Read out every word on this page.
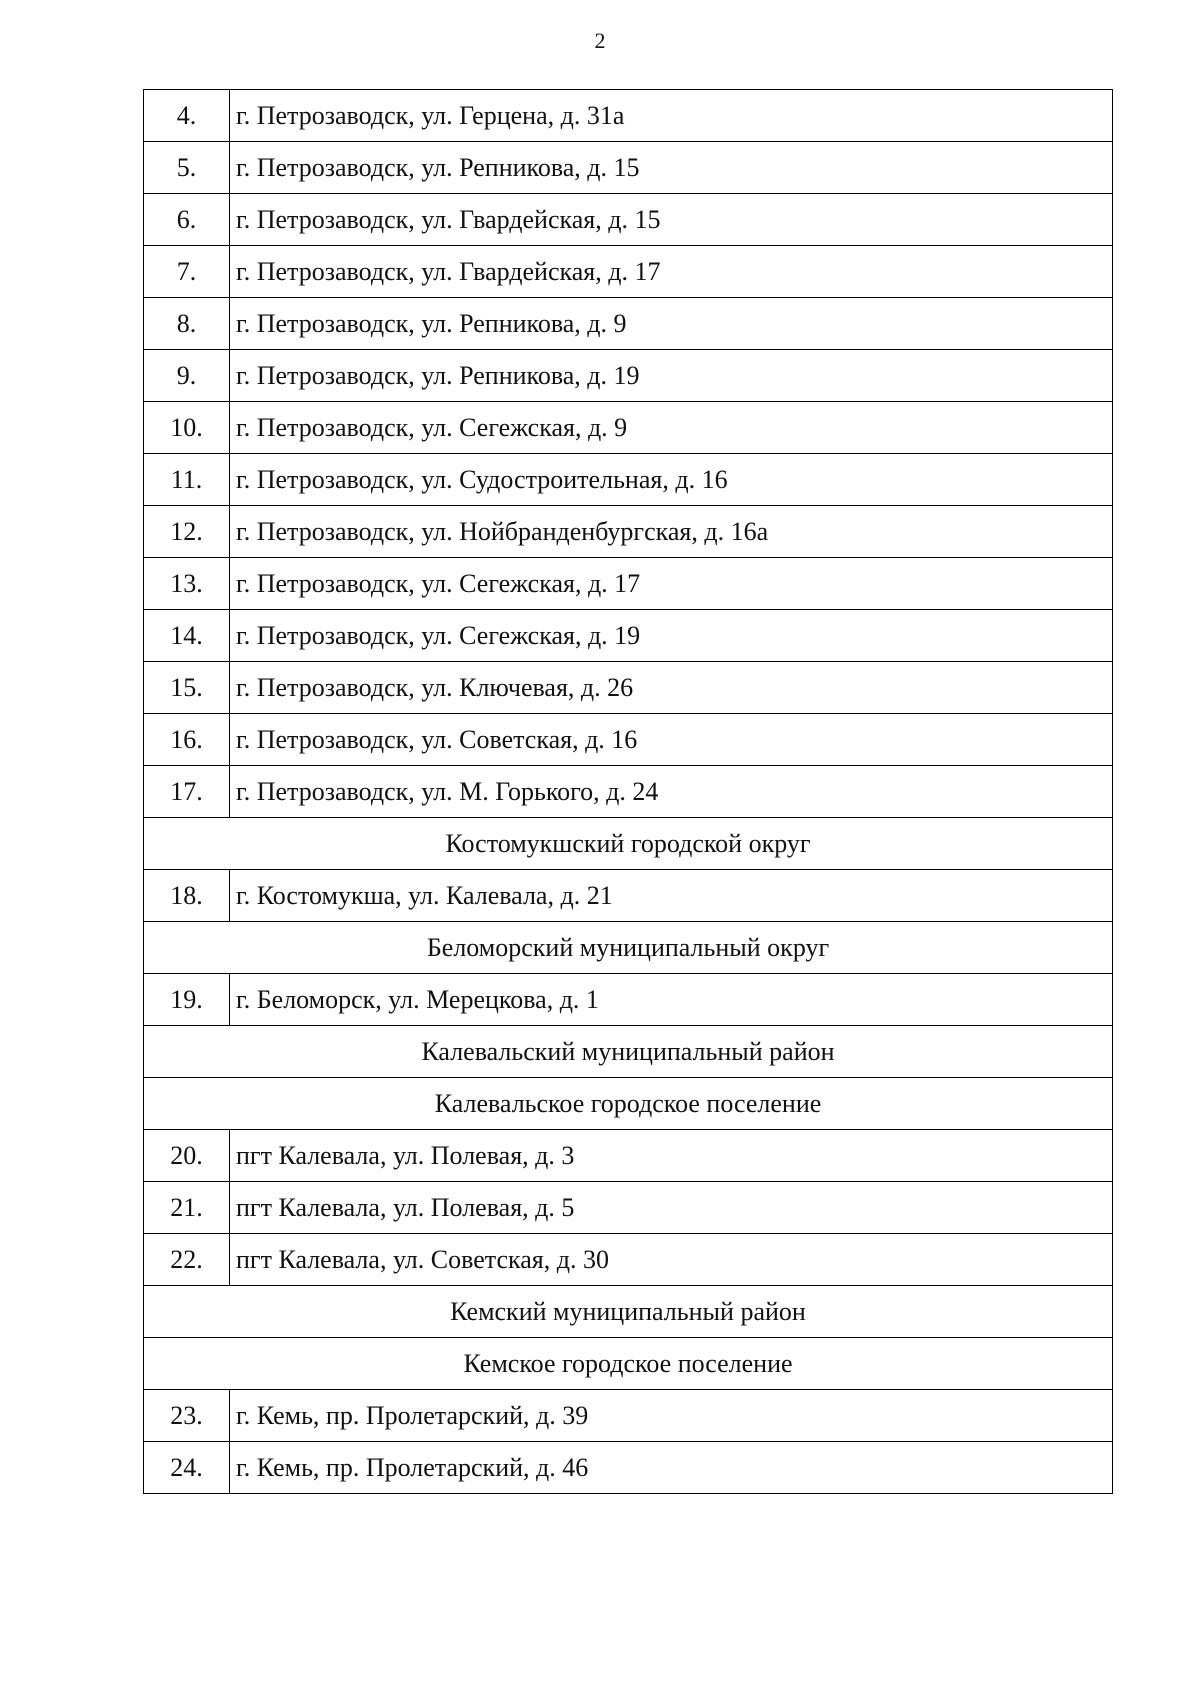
2
4.	г. Петрозаводск, ул. Герцена, д. 31а
5.	г. Петрозаводск, ул. Репникова, д. 15
6.	г. Петрозаводск, ул. Гвардейская, д. 15
7.	г. Петрозаводск, ул. Гвардейская, д. 17
8.	г. Петрозаводск, ул. Репникова, д. 9
9.	г. Петрозаводск, ул. Репникова, д. 19
10.	г. Петрозаводск, ул. Сегежская, д. 9
11.	г. Петрозаводск, ул. Судостроительная, д. 16
12.	г. Петрозаводск, ул. Нойбранденбургская, д. 16а
13.	г. Петрозаводск, ул. Сегежская, д. 17
14.	г. Петрозаводск, ул. Сегежская, д. 19
15.	г. Петрозаводск, ул. Ключевая, д. 26
16.	г. Петрозаводск, ул. Советская, д. 16
17.	г. Петрозаводск, ул. М. Горького, д. 24
Костомукшский городской округ	
18.	г. Костомукша, ул. Калевала, д. 21
Беломорский муниципальный округ	
19.	г. Беломорск, ул. Мерецкова, д. 1
Калевальский муниципальный район	
Калевальское городское поселение	
20.	пгт Калевала, ул. Полевая, д. 3
21.	пгт Калевала, ул. Полевая, д. 5
22.	пгт Калевала, ул. Советская, д. 30
Кемский муниципальный район	
Кемское городское поселение	
23.	г. Кемь, пр. Пролетарский, д. 39
24.	г. Кемь, пр. Пролетарский, д. 46
